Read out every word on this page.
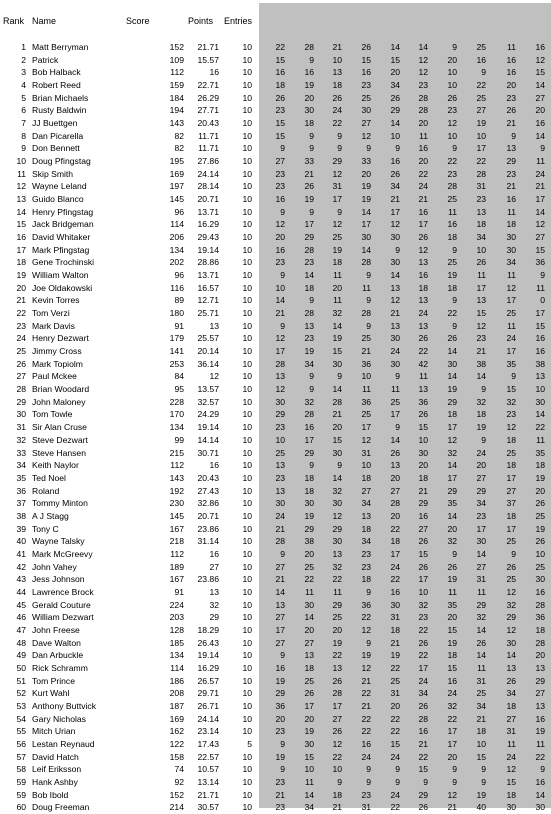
Rank Name	Score	Points Entries
1 Matt Berryman	152	21.71	10	22	28	21	26	14	14	9	25	11	16
2 Patrick	109	15.57	10	15	9	10	15	15	12	20	16	16	12
3 Bob Halback	112	16	10	16	16	13	16	20	12	10	9	16	15
4 Robert Reed	159	22.71	10	18	19	18	23	34	23	10	22	20	14
5 Brian Michaels	184	26.29	10	26	20	26	25	26	28	26	25	23	27
6 Rusty Baldwin	194	27.71	10	23	30	24	30	29	28	23	27	26	20
7 JJ Buettgen	143	20.43	10	15	18	22	27	14	20	12	19	21	16
8 Dan Picarella	82	11.71	10	15	9	9	12	10	11	10	10	9	14
9 Don Bennett	82	11.71	10	9	9	9	9	9	16	9	17	13	9
10 Doug Pfingstag	195	27.86	10	27	33	29	33	16	20	22	22	29	11
11 Skip Smith	169	24.14	10	23	21	12	20	26	22	23	28	23	24
12 Wayne Leland	197	28.14	10	23	26	31	19	34	24	28	31	21	21
13 Guido Blanco	145	20.71	10	16	19	17	19	21	21	25	23	16	17
14 Henry Pfingstag	96	13.71	10	9	9	9	14	17	16	11	13	11	14
15 Jack Bridgeman	114	16.29	10	12	17	12	17	12	17	16	18	18	12
16 David Whitaker	206	29.43	10	20	29	25	30	30	26	18	34	30	27
17 Mark Pfingstag	134	19.14	10	16	28	19	14	9	12	9	10	30	15
18 Gene Trochinski	202	28.86	10	23	23	18	28	30	13	25	26	34	36
19 William Walton	96	13.71	10	9	14	11	9	14	16	19	11	11	9
20 Joe Oldakowski	116	16.57	10	10	18	20	11	13	18	18	17	12	11
21 Kevin Torres	89	12.71	10	14	9	11	9	12	13	9	13	17	0
22 Tom Verzi	180	25.71	10	21	28	32	28	21	24	22	15	25	17
23 Mark Davis	91	13	10	9	13	14	9	13	13	9	12	11	15
24 Henry Dezwart	179	25.57	10	12	23	19	25	30	26	26	23	24	16
25 Jimmy Cross	141	20.14	10	17	19	15	21	24	22	14	21	17	16
26 Mark Topiolm	253	36.14	10	28	34	30	36	30	42	30	38	35	38
27 Paul Mckee	84	12	10	13	9	9	10	9	11	14	14	9	13
28 Brian Woodard	95	13.57	10	12	9	14	11	11	13	19	9	15	10
29 John Maloney	228	32.57	10	30	32	28	36	25	36	29	32	32	30
30 Tom Towle	170	24.29	10	29	28	21	25	17	26	18	18	23	14
31 Sir Alan Cruse	134	19.14	10	23	16	20	17	9	15	17	19	12	22
32 Steve Dezwart	99	14.14	10	10	17	15	12	14	10	12	9	18	11
33 Steve Hansen	215	30.71	10	25	29	30	31	26	30	32	24	25	35
34 Keith Naylor	112	16	10	13	9	9	10	13	20	14	20	18	18
35 Ted Noel	143	20.43	10	23	18	14	18	20	18	17	27	17	19
36 Roland	192	27.43	10	13	18	32	27	27	21	29	29	27	20
37 Tommy Minton	230	32.86	10	30	30	30	34	28	29	35	34	37	26
38 A J Stagg	145	20.71	10	24	19	12	13	20	16	14	23	18	25
39 Tony C	167	23.86	10	21	29	29	18	22	27	20	17	17	19
40 Wayne Talsky	218	31.14	10	28	38	30	34	18	26	32	30	25	26
41 Mark McGreevy	112	16	10	9	20	13	23	17	15	9	14	9	10
42 John Vahey	189	27	10	27	25	32	23	24	26	26	27	26	25
43 Jess Johnson	167	23.86	10	21	22	22	18	22	17	19	31	25	30
44 Lawrence Brock	91	13	10	14	11	11	9	16	10	11	11	12	16
45 Gerald Couture	224	32	10	13	30	29	36	30	32	35	29	32	28
46 William Dezwart	203	29	10	27	14	25	22	31	23	20	32	29	36
47 John Freese	128	18.29	10	17	20	20	12	18	22	15	14	12	18
48 Dave Walton	185	26.43	10	27	27	19	9	21	26	19	26	30	28
49 Dan Arbuckle	134	19.14	10	9	13	22	19	19	22	18	14	14	20
50 Rick Schramm	114	16.29	10	16	18	13	12	22	17	15	11	13	13
51 Tom Prince	186	26.57	10	19	25	26	21	25	24	16	31	26	29
52 Kurt Wahl	208	29.71	10	29	26	28	22	31	34	24	25	34	27
53 Anthony Buttvick	187	26.71	10	36	17	17	21	20	26	32	34	18	13
54 Gary Nicholas	169	24.14	10	20	20	27	22	22	28	22	21	27	16
55 Mitch Urian	162	23.14	10	23	19	26	22	22	16	17	18	31	19
56 Lestan Reynaud	122	17.43	5	9	30	12	16	15	21	17	10	11	11
57 David Hatch	158	22.57	10	19	15	22	24	24	22	20	15	24	22
58 Leif Eriksson	74	10.57	10	9	10	10	9	9	15	9	9	12	9
59 Hank Ashby	92	13.14	10	23	11	9	9	9	9	9	9	15	16
59 Bob Ibold	152	21.71	10	21	14	18	23	24	29	12	19	18	14
60 Doug Freeman	214	30.57	10	23	34	21	31	22	26	21	40	30	30
